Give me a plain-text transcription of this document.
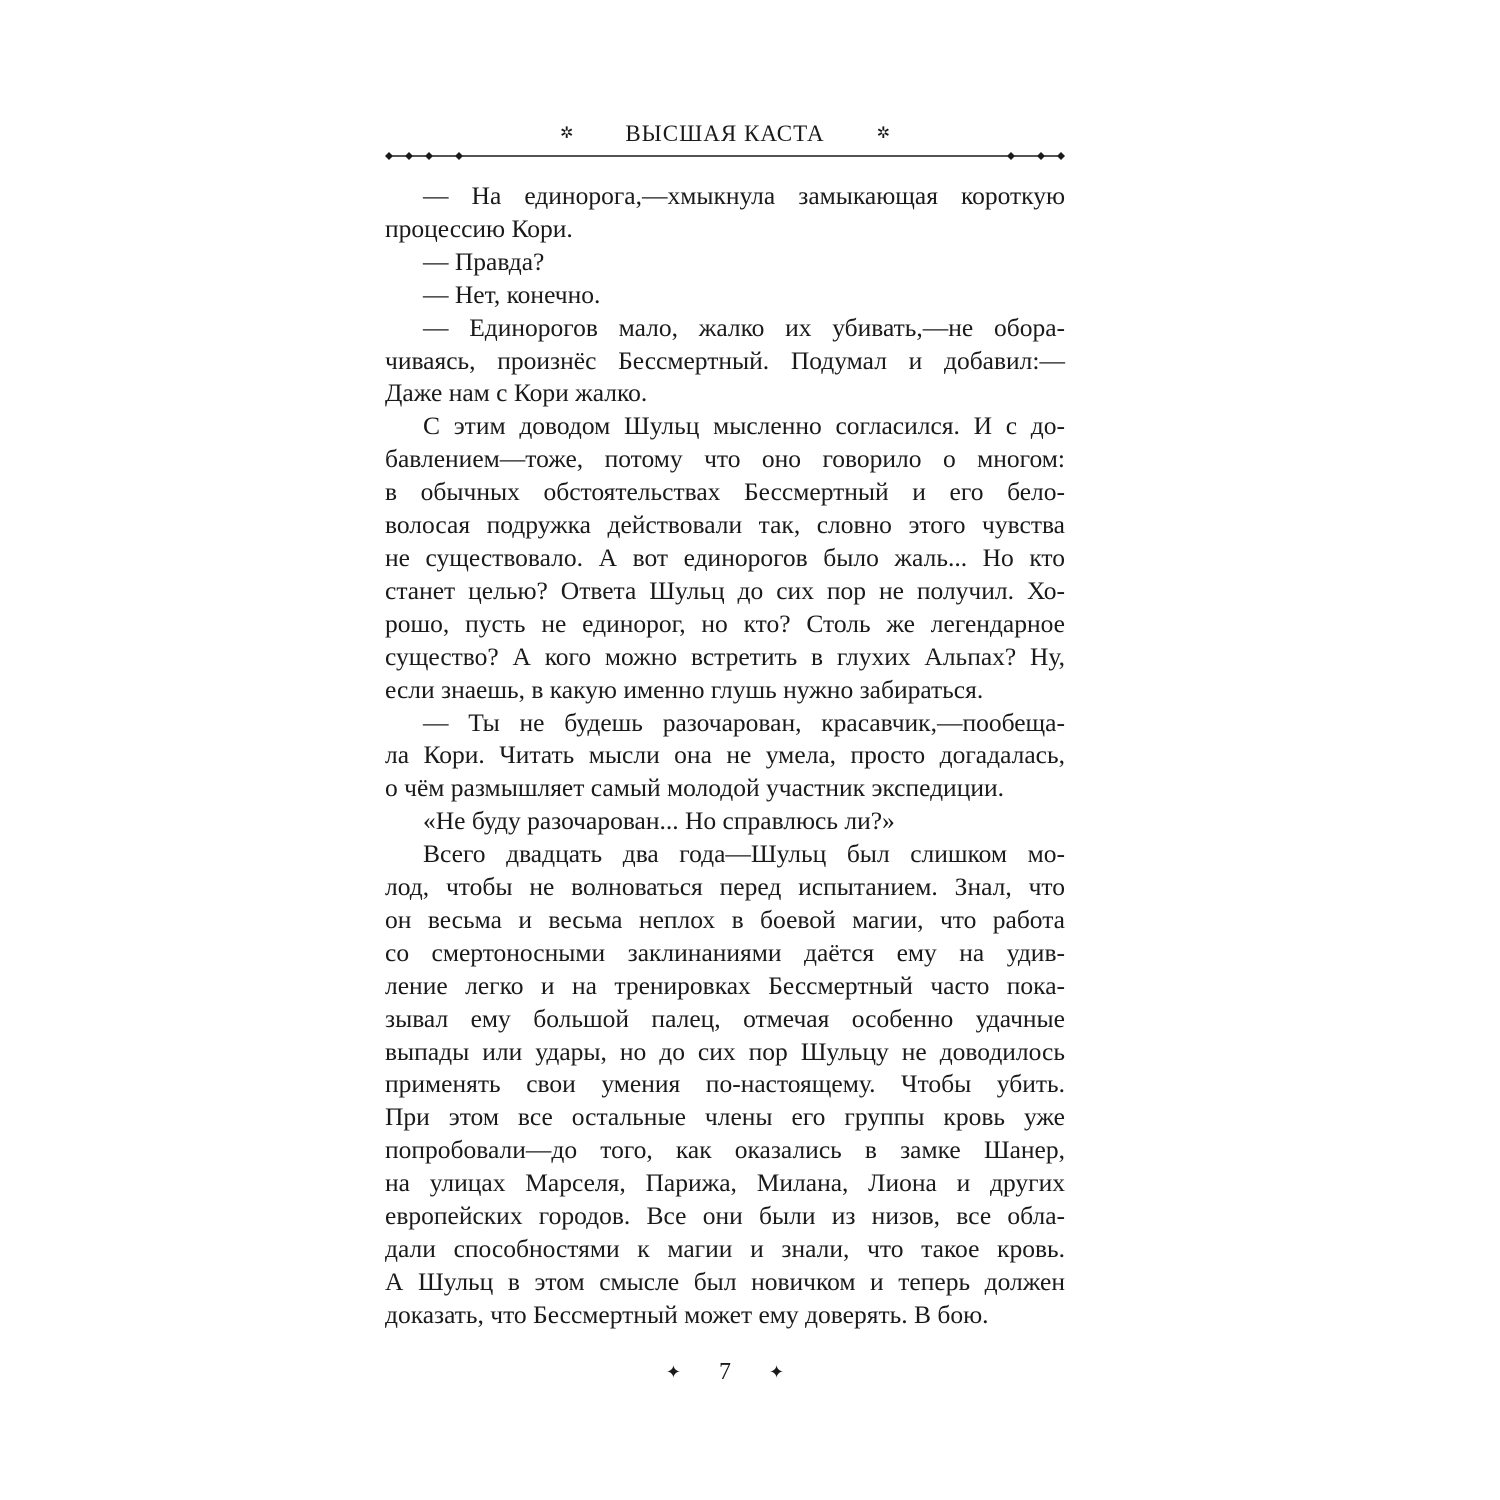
✲ ВЫСШАЯ КАСТА	✲

— На единорога,—хмыкнула замыкающая короткую
процессию Кори.

— Правда?

— Нет, конечно.

— Единорогов мало, жалко их убивать,—не обора-
чиваясь, произнёс Бессмертный. Подумал и добавил:—
Даже нам с Кори жалко.

С этим доводом Шульц мысленно согласился. И с до-
бавлением—тоже, потому что оно говорило о многом:
в обычных обстоятельствах Бессмертный и его бело-
волосая подружка действовали так, словно этого чувства
не существовало. А вот единорогов было жаль... Но кто
станет целью? Ответа Шульц до сих пор не получил. Хо-
рошо, пусть не единорог, но кто? Столь же легендарное
существо? А кого можно встретить в глухих Альпах? Ну,
если знаешь, в какую именно глушь нужно забираться.

— Ты не будешь разочарован, красавчик,—пообеща-
ла Кори. Читать мысли она не умела, просто догадалась,
о чём размышляет самый молодой участник экспедиции.

«Не буду разочарован... Но справлюсь ли?»

Всего двадцать два года—Шульц был слишком мо-
лод, чтобы не волноваться перед испытанием. Знал, что
он весьма и весьма неплох в боевой магии, что работа
со смертоносными заклинаниями даётся ему на удив-
ление легко и на тренировках Бессмертный часто пока-
зывал ему большой палец, отмечая особенно удачные
выпады или удары, но до сих пор Шульцу не доводилось
применять свои умения по-настоящему. Чтобы убить.
При этом все остальные члены его группы кровь уже
попробовали—до того, как оказались в замке Шанер,
на улицах Марселя, Парижа, Милана, Лиона и других
европейских городов. Все они были из низов, все обла-
дали способностями к магии и знали, что такое кровь.
А Шульц в этом смысле был новичком и теперь должен
доказать, что Бессмертный может ему доверять. В бою.

✦ 7 ✦
